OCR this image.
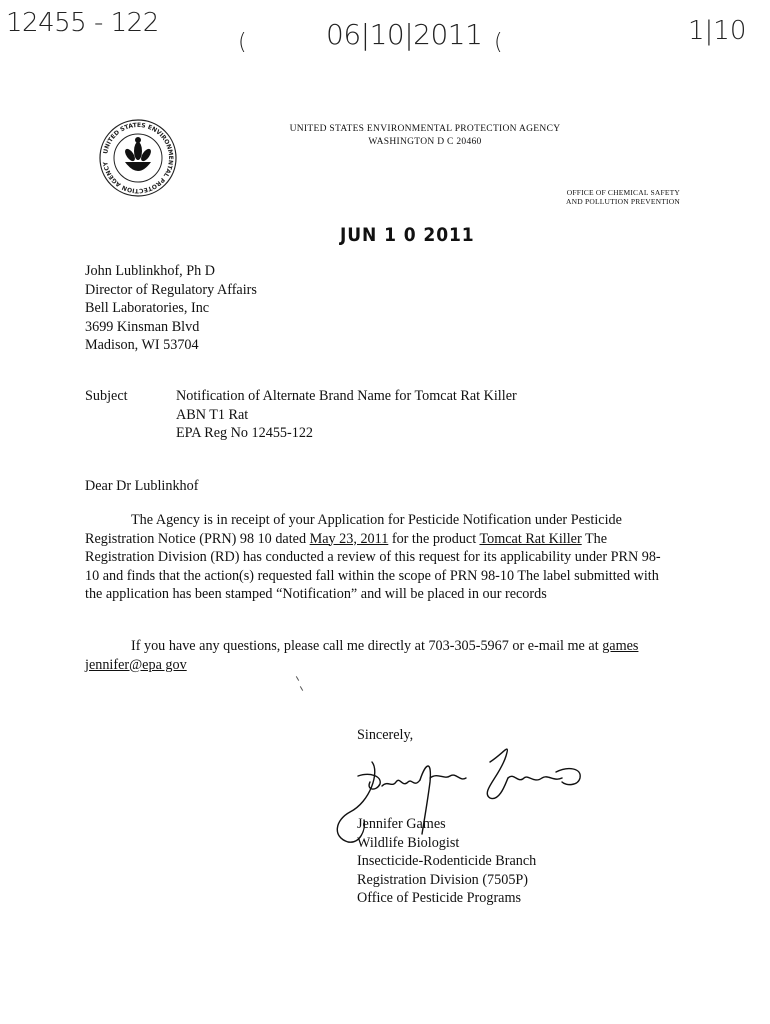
12455 - 122
(	06|10|2011 (	1|10
UNITED STATES ENVIRONMENTAL PROTECTION AGENCY
UNITED STATES ENVIRONMENTAL PROTECTION AGENCY
WASHINGTON D C 20460
OFFICE OF CHEMICAL SAFETY
AND POLLUTION PREVENTION
JUN 1 0 2011
John Lublinkhof, Ph D
Director of Regulatory Affairs
Bell Laboratories, Inc
3699 Kinsman Blvd
Madison, WI 53704
Subject	Notification of Alternate Brand Name for Tomcat Rat Killer
ABN T1 Rat
EPA Reg No 12455-122
Dear Dr Lublinkhof
The Agency is in receipt of your Application for Pesticide Notification under Pesticide Registration Notice (PRN) 98 10 dated May 23, 2011 for the product Tomcat Rat Killer The Registration Division (RD) has conducted a review of this request for its applicability under PRN 98-10 and finds that the action(s) requested fall within the scope of PRN 98-10 The label submitted with the application has been stamped “Notification” and will be placed in our records
If you have any questions, please call me directly at 703-305-5967 or e-mail me at games jennifer@epa gov
Sincerely,
Jennifer Games
Wildlife Biologist
Insecticide-Rodenticide Branch
Registration Division (7505P)
Office of Pesticide Programs
